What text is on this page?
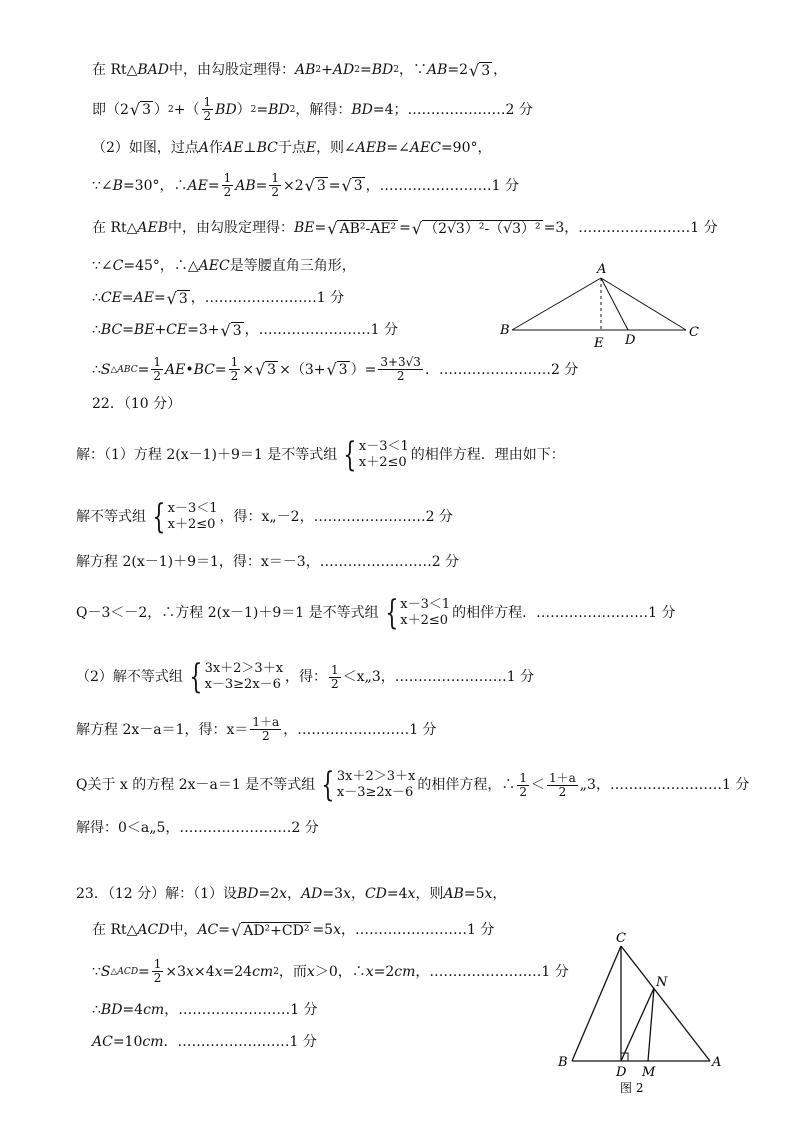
在 Rt△ BAD 中，由勾股定理得： AB 2 + AD 2 = BD 2 ，∵ AB =2 √ 3 ，
即（2 √ 3 ） 2 +（ $\frac{1}{2}$ BD ） 2 = BD 2 ，解得： BD =4； ………………… 2 分
（2）如图，过点 A 作 AE ⊥ BC 于点 E ，则∠ AEB =∠ AEC =90°，
∵∠ B =30°，∴ AE = $\frac{1}{2}$ AB = $\frac{1}{2} \times 2$ √ 3 = √ 3 ， …………………… 1 分
在 Rt△ AEB 中，由勾股定理得： BE = √ AB²-AE² = √ （2√3）²-（√3）² =3， …………………… 1 分
∵∠ C =45°，∴△ AEC 是等腰直角三角形，
∴ CE = AE = √ 3 ， …………………… 1 分
∴ BC = BE + CE =3+ √ 3 ， …………………… 1 分
∴ S △ABC = $\frac{1}{2}$ AE • BC = $\frac{1}{2}$ × √ 3 ×（3+ √ 3 ）= $\frac{3+3√3}{2}$ ． …………………… 2 分
A
B	C
E D
22．（10 分）
解：（1）方程 2(x－1)＋9＝1 是不等式组 { x－3＜1
x＋2≤0 的相伴方程．理由如下：
解不等式组 { x－3＜1
x＋2≤0 ，得：x„－2， …………………… 2 分
解方程 2(x－1)＋9＝1，得：x＝－3， …………………… 2 分
Q－3＜－2，∴方程 2(x－1)＋9＝1 是不等式组 { x－3＜1
x＋2≤0 的相伴方程． …………………… 1 分
（2）解不等式组 { 3x＋2＞3＋x
x－3≥2x－6 ，得： $\frac{1}{2}$ ＜x„3， …………………… 1 分
解方程 2x－a＝1，得：$x= \frac{1+a}{2}$ ， …………………… 1 分
Q关于 x 的方程 2x－a＝1 是不等式组 { 3x＋2＞3＋x
x－3≥2x－6 的相伴方程，∴ $\frac{1}{2} < \frac{1+a}{2}$ „3， …………………… 1 分
解得：0＜a„5， …………………… 2 分
23．（12 分）解：（1）设 BD =2 x ， AD =3 x ， CD =4 x ，则 AB =5 x ，
在 Rt△ ACD 中， AC = √ AD²+CD² =5 x ， …………………… 1 分
∵ S △ACD = $\frac{1}{2} \times 3$ x ×4 x =24 cm 2 ，而 x ＞0，∴ x =2 cm ， …………………… 1 分
∴ BD =4 cm ， …………………… 1 分
AC =10 cm ． …………………… 1 分
C
N
B
D M
A
图 2
